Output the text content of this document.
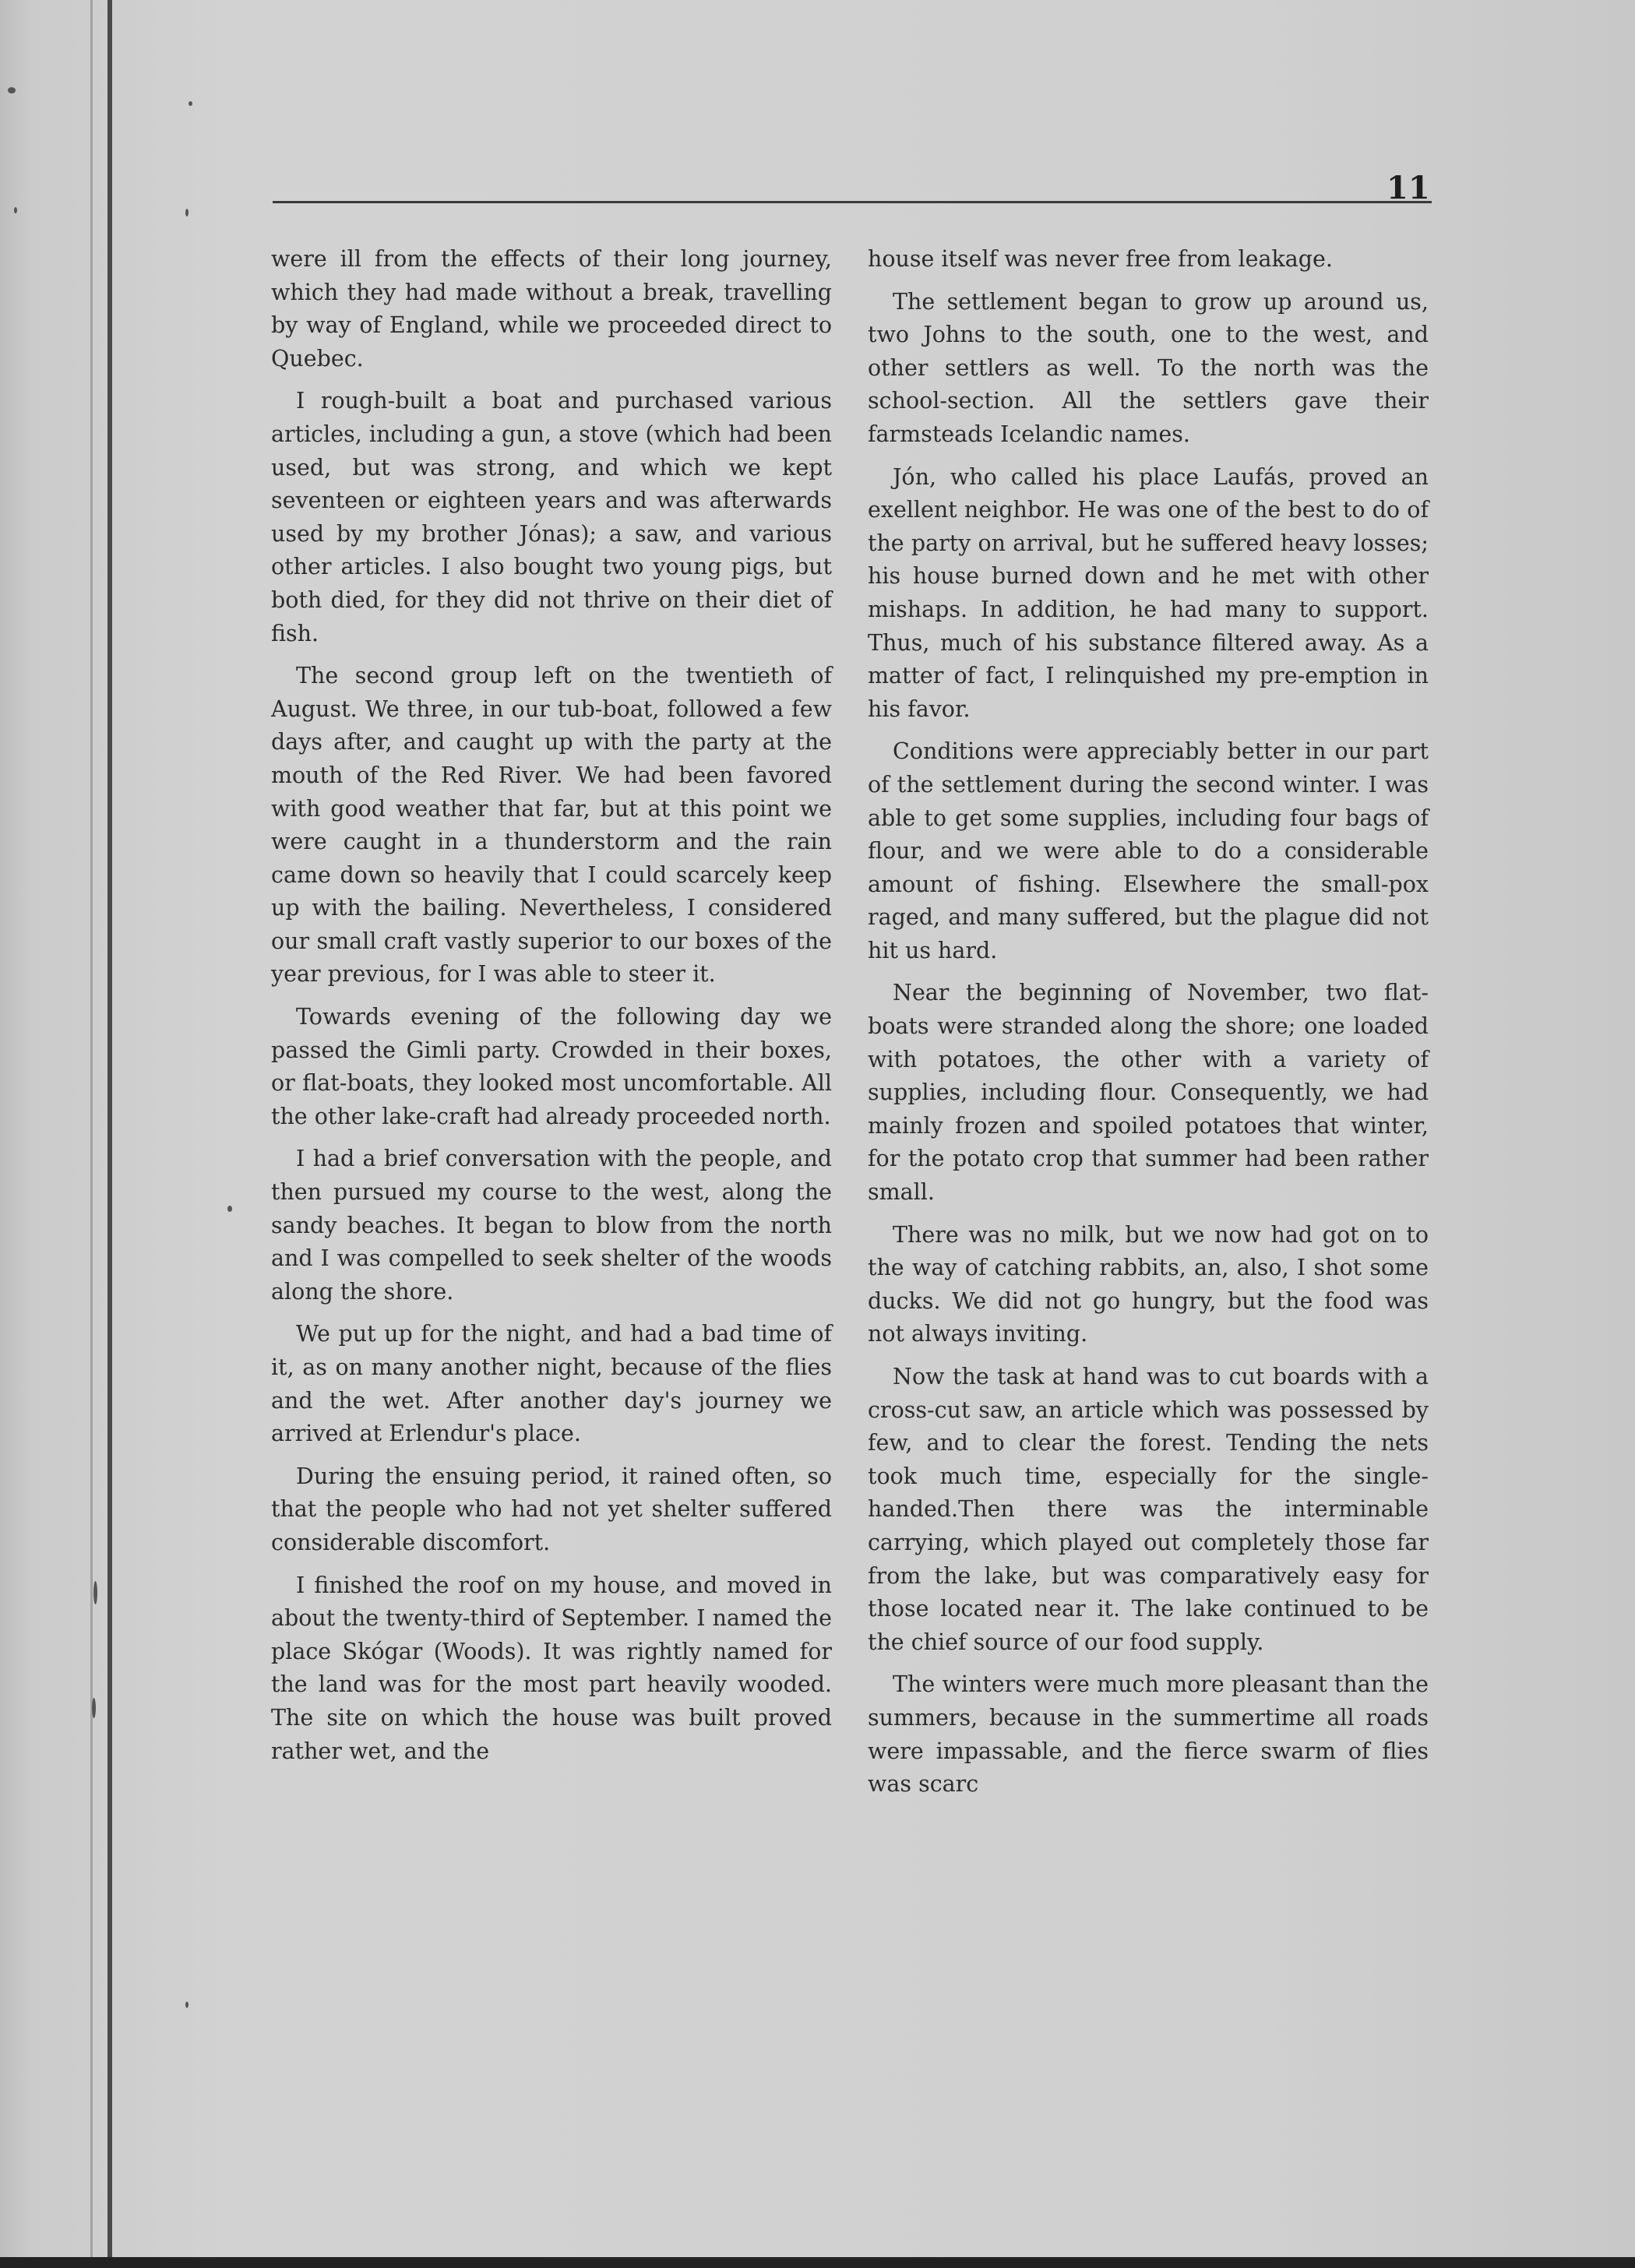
11

were ill from the effects of their long journey, which they had made without a break, travelling by way of England, while we proceeded direct to Quebec.

I rough-built a boat and purchased various articles, including a gun, a stove (which had been used, but was strong, and which we kept seventeen or eighteen years and was afterwards used by my brother Jónas); a saw, and various other articles. I also bought two young pigs, but both died, for they did not thrive on their diet of fish.

The second group left on the twentieth of August. We three, in our tub-boat, followed a few days after, and caught up with the party at the mouth of the Red River. We had been favored with good weather that far, but at this point we were caught in a thunderstorm and the rain came down so heavily that I could scarcely keep up with the bailing. Nevertheless, I considered our small craft vastly superior to our boxes of the year previous, for I was able to steer it.

Towards evening of the following day we passed the Gimli party. Crowded in their boxes, or flat-boats, they looked most uncomfortable. All the other lake-craft had already proceeded north.

I had a brief conversation with the people, and then pursued my course to the west, along the sandy beaches. It began to blow from the north and I was compelled to seek shelter of the woods along the shore.

We put up for the night, and had a bad time of it, as on many another night, because of the flies and the wet. After another day's journey we arrived at Erlendur's place.

During the ensuing period, it rained often, so that the people who had not yet shelter suffered considerable discomfort.

I finished the roof on my house, and moved in about the twenty-third of September. I named the place Skógar (Woods). It was rightly named for the land was for the most part heavily wooded. The site on which the house was built proved rather wet, and the

house itself was never free from leakage.

The settlement began to grow up around us, two Johns to the south, one to the west, and other settlers as well. To the north was the school-section. All the settlers gave their farmsteads Icelandic names.

Jón, who called his place Laufás, proved an exellent neighbor. He was one of the best to do of the party on arrival, but he suffered heavy losses; his house burned down and he met with other mishaps. In addition, he had many to support. Thus, much of his substance filtered away. As a matter of fact, I relinquished my pre-emption in his favor.

Conditions were appreciably better in our part of the settlement during the second winter. I was able to get some supplies, including four bags of flour, and we were able to do a considerable amount of fishing. Elsewhere the small-pox raged, and many suffered, but the plague did not hit us hard.

Near the beginning of November, two flat-boats were stranded along the shore; one loaded with potatoes, the other with a variety of supplies, including flour. Consequently, we had mainly frozen and spoiled potatoes that winter, for the potato crop that summer had been rather small.

There was no milk, but we now had got on to the way of catching rabbits, an, also, I shot some ducks. We did not go hungry, but the food was not always inviting.

Now the task at hand was to cut boards with a cross-cut saw, an article which was possessed by few, and to clear the forest. Tending the nets took much time, especially for the single-handed.Then there was the interminable carrying, which played out completely those far from the lake, but was comparatively easy for those located near it. The lake continued to be the chief source of our food supply.

The winters were much more pleasant than the summers, because in the summertime all roads were impassable, and the fierce swarm of flies was scarc
